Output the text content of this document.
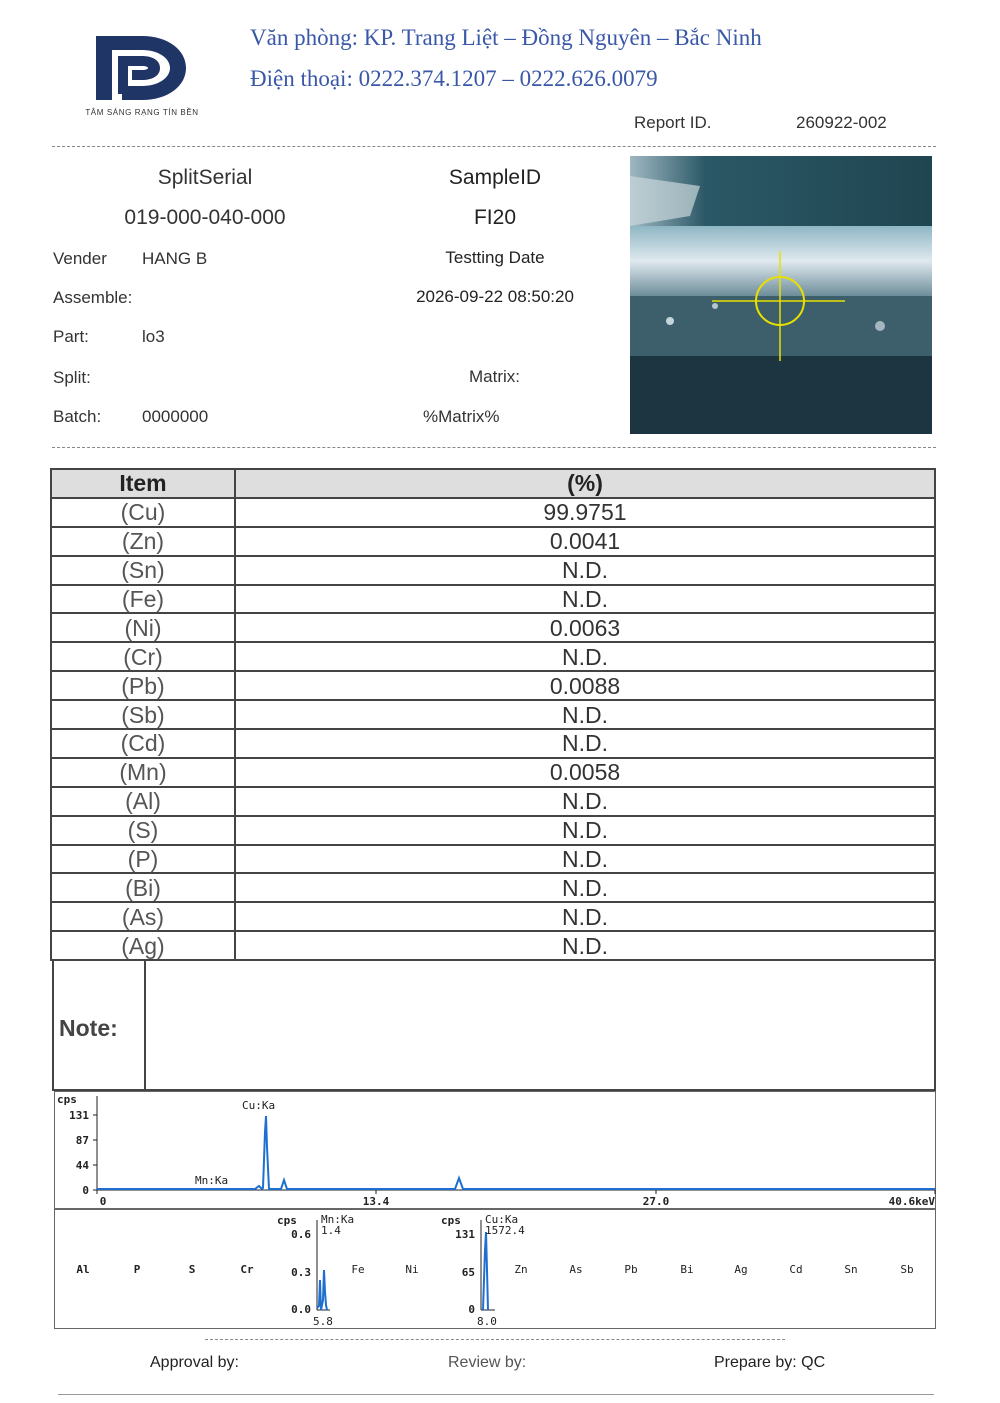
TÂM SÁNG RẠNG TÍN BỀN
Văn phòng: KP. Trang Liệt – Đồng Nguyên – Bắc Ninh
Điện thoại: 0222.374.1207 – 0222.626.0079
Report ID.	260922-002
SplitSerial
019-000-040-000
SampleID
FI20
Testting Date
2026-09-22 08:50:20
Vender HANG B
Assemble:
Part:	lo3
Split:
Batch: 0000000
Matrix:
%Matrix%
Item	(%)
(Cu)	99.9751
(Zn)	0.0041
(Sn)	N.D.
(Fe)	N.D.
(Ni)	0.0063
(Cr)	N.D.
(Pb)	0.0088
(Sb)	N.D.
(Cd)	N.D.
(Mn)	0.0058
(Al)	N.D.
(S)	N.D.
(P)	N.D.
(Bi)	N.D.
(As)	N.D.
(Ag)	N.D.
Note:
cps
131
87
44
0
0	13.4	27.0	40.6keV
Cu:Ka
Mn:Ka
Al	P	S	Cr
cps
0.6
0.3
0.0
Mn:Ka
1.4
5.8
Fe	Ni
cps
131
65
0
Cu:Ka
1572.4
8.0
Zn	As	Pb	Bi	Ag	Cd	Sn	Sb
Approval by:	Review by:	Prepare by: QC
